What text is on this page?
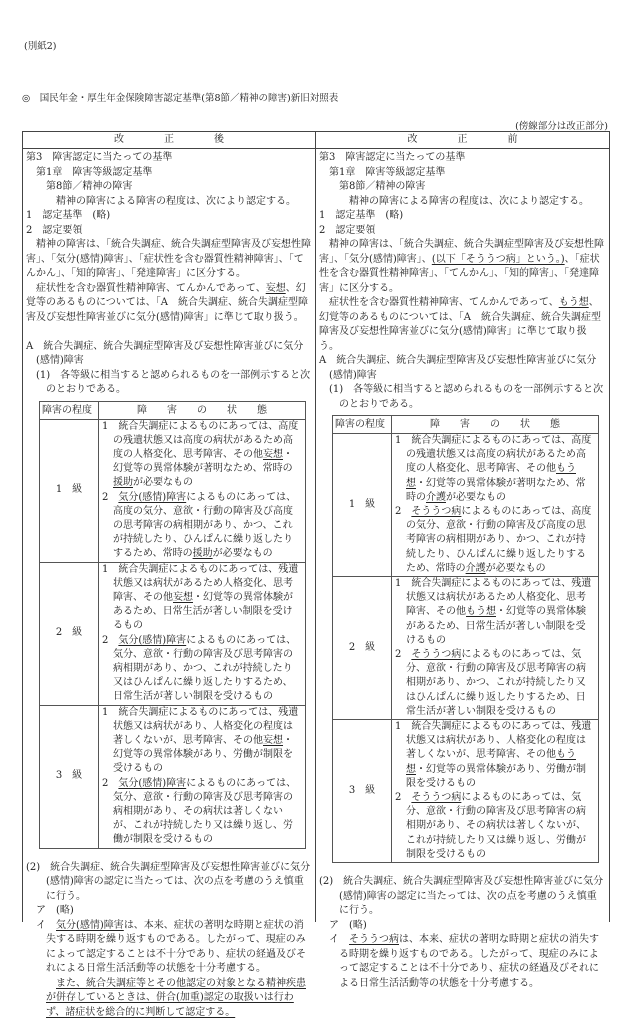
(別紙2)
◎　国民年金・厚生年金保険障害認定基準(第8節／精神の障害)新旧対照表
(傍線部分は改正部分)
改　　　　正　　　　後
第3　障害認定に当たっての基準
第1章　障害等級認定基準
第8節／精神の障害
精神の障害による障害の程度は、次により認定する。
1　認定基準　(略)
2　認定要領
　精神の障害は、「統合失調症、統合失調症型障害及び妄想性障害」、「気分(感情)障害」、「症状性を含む器質性精神障害」、「てんかん」、「知的障害」、「発達障害」に区分する。
　症状性を含む器質性精神障害、てんかんであって、妄想、幻覚等のあるものについては、「A　統合失調症、統合失調症型障害及び妄想性障害並びに気分(感情)障害」に準じて取り扱う。
A　統合失調症、統合失調症型障害及び妄想性障害並びに気分(感情)障害
(1)　各等級に相当すると認められるものを一部例示すると次のとおりである。
障害の程度	障　　害　　の　　状　　態
1　級	1　統合失調症によるものにあっては、高度の残遺状態又は高度の病状があるため高度の人格変化、思考障害、その他妄想・幻覚等の異常体験が著明なため、常時の援助が必要なもの
2　気分(感情)障害によるものにあっては、高度の気分、意欲・行動の障害及び高度の思考障害の病相期があり、かつ、これが持続したり、ひんぱんに繰り返したりするため、常時の援助が必要なもの

2　級	1　統合失調症によるものにあっては、残遺状態又は病状があるため人格変化、思考障害、その他妄想・幻覚等の異常体験があるため、日常生活が著しい制限を受けるもの
2　気分(感情)障害によるものにあっては、気分、意欲・行動の障害及び思考障害の病相期があり、かつ、これが持続したり又はひんぱんに繰り返したりするため、日常生活が著しい制限を受けるもの

3　級	1　統合失調症によるものにあっては、残遺状態又は病状があり、人格変化の程度は著しくないが、思考障害、その他妄想・幻覚等の異常体験があり、労働が制限を受けるもの
2　気分(感情)障害によるものにあっては、気分、意欲・行動の障害及び思考障害の病相期があり、その病状は著しくないが、これが持続したり又は繰り返し、労働が制限を受けるもの
(2)　統合失調症、統合失調症型障害及び妄想性障害並びに気分(感情)障害の認定に当たっては、次の点を考慮のうえ慎重に行う。
ア　(略)
イ　気分(感情)障害は、本来、症状の著明な時期と症状の消失する時期を繰り返すものである。したがって、現症のみによって認定することは不十分であり、症状の経過及びそれによる日常生活活動等の状態を十分考慮する。
　　また、統合失調症等とその他認定の対象となる精神疾患が併存しているときは、併合(加重)認定の取扱いは行わず、諸症状を総合的に判断して認定する。
改　　　　正　　　　前
第3　障害認定に当たっての基準
第1章　障害等級認定基準
第8節／精神の障害
精神の障害による障害の程度は、次により認定する。
1　認定基準　(略)
2　認定要領
　精神の障害は、「統合失調症、統合失調症型障害及び妄想性障害」、「気分(感情)障害」、(以下「そううつ病」という。)、「症状性を含む器質性精神障害」、「てんかん」、「知的障害」、「発達障害」に区分する。
　症状性を含む器質性精神障害、てんかんであって、もう想、幻覚等のあるものについては、「A　統合失調症、統合失調症型障害及び妄想性障害並びに気分(感情)障害」に準じて取り扱う。
A　統合失調症、統合失調症型障害及び妄想性障害並びに気分(感情)障害
(1)　各等級に相当すると認められるものを一部例示すると次のとおりである。
障害の程度	障　　害　　の　　状　　態
1　級	1　統合失調症によるものにあっては、高度の残遺状態又は高度の病状があるため高度の人格変化、思考障害、その他もう想・幻覚等の異常体験が著明なため、常時の介護が必要なもの
2　そううつ病によるものにあっては、高度の気分、意欲・行動の障害及び高度の思考障害の病相期があり、かつ、これが持続したり、ひんぱんに繰り返したりするため、常時の介護が必要なもの

2　級	1　統合失調症によるものにあっては、残遺状態又は病状があるため人格変化、思考障害、その他もう想・幻覚等の異常体験があるため、日常生活が著しい制限を受けるもの
2　そううつ病によるものにあっては、気分、意欲・行動の障害及び思考障害の病相期があり、かつ、これが持続したり又はひんぱんに繰り返したりするため、日常生活が著しい制限を受けるもの

3　級	1　統合失調症によるものにあっては、残遺状態又は病状があり、人格変化の程度は著しくないが、思考障害、その他もう想・幻覚等の異常体験があり、労働が制限を受けるもの
2　そううつ病によるものにあっては、気分、意欲・行動の障害及び思考障害の病相期があり、その病状は著しくないが、これが持続したり又は繰り返し、労働が制限を受けるもの
(2)　統合失調症、統合失調症型障害及び妄想性障害並びに気分(感情)障害の認定に当たっては、次の点を考慮のうえ慎重に行う。
ア　(略)
イ　そううつ病は、本来、症状の著明な時期と症状の消失する時期を繰り返すものである。したがって、現症のみによって認定することは不十分であり、症状の経過及びそれによる日常生活活動等の状態を十分考慮する。
